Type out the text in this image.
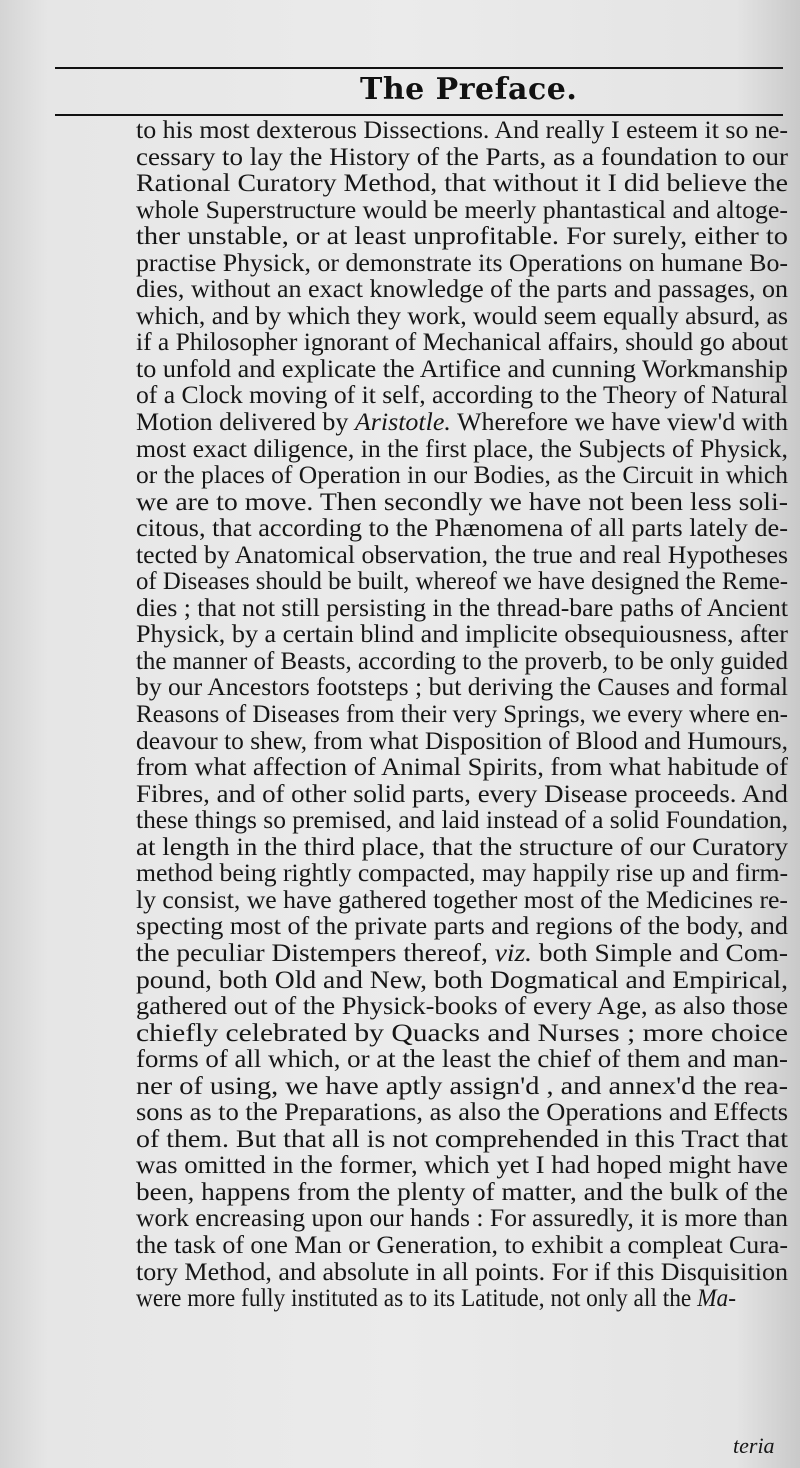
The Preface.
to his most dexterous Dissections. And really I esteem it so ne-
cessary to lay the History of the Parts, as a foundation to our
Rational Curatory Method, that without it I did believe the
whole Superstructure would be meerly phantastical and altoge-
ther unstable, or at least unprofitable. For surely, either to
practise Physick, or demonstrate its Operations on humane Bo-
dies, without an exact knowledge of the parts and passages, on
which, and by which they work, would seem equally absurd, as
if a Philosopher ignorant of Mechanical affairs, should go about
to unfold and explicate the Artifice and cunning Workmanship
of a Clock moving of it self, according to the Theory of Natural
Motion delivered by Aristotle. Wherefore we have view'd with
most exact diligence, in the first place, the Subjects of Physick,
or the places of Operation in our Bodies, as the Circuit in which
we are to move. Then secondly we have not been less soli-
citous, that according to the Phænomena of all parts lately de-
tected by Anatomical observation, the true and real Hypotheses
of Diseases should be built, whereof we have designed the Reme-
dies ; that not still persisting in the thread-bare paths of Ancient
Physick, by a certain blind and implicite obsequiousness, after
the manner of Beasts, according to the proverb, to be only guided
by our Ancestors footsteps ; but deriving the Causes and formal
Reasons of Diseases from their very Springs, we every where en-
deavour to shew, from what Disposition of Blood and Humours,
from what affection of Animal Spirits, from what habitude of
Fibres, and of other solid parts, every Disease proceeds. And
these things so premised, and laid instead of a solid Foundation,
at length in the third place, that the structure of our Curatory
method being rightly compacted, may happily rise up and firm-
ly consist, we have gathered together most of the Medicines re-
specting most of the private parts and regions of the body, and
the peculiar Distempers thereof, viz. both Simple and Com-
pound, both Old and New, both Dogmatical and Empirical,
gathered out of the Physick-books of every Age, as also those
chiefly celebrated by Quacks and Nurses ; more choice
forms of all which, or at the least the chief of them and man-
ner of using, we have aptly assign'd , and annex'd the rea-
sons as to the Preparations, as also the Operations and Effects
of them. But that all is not comprehended in this Tract that
was omitted in the former, which yet I had hoped might have
been, happens from the plenty of matter, and the bulk of the
work encreasing upon our hands : For assuredly, it is more than
the task of one Man or Generation, to exhibit a compleat Cura-
tory Method, and absolute in all points. For if this Disquisition
were more fully instituted as to its Latitude, not only all the Ma-
teria
